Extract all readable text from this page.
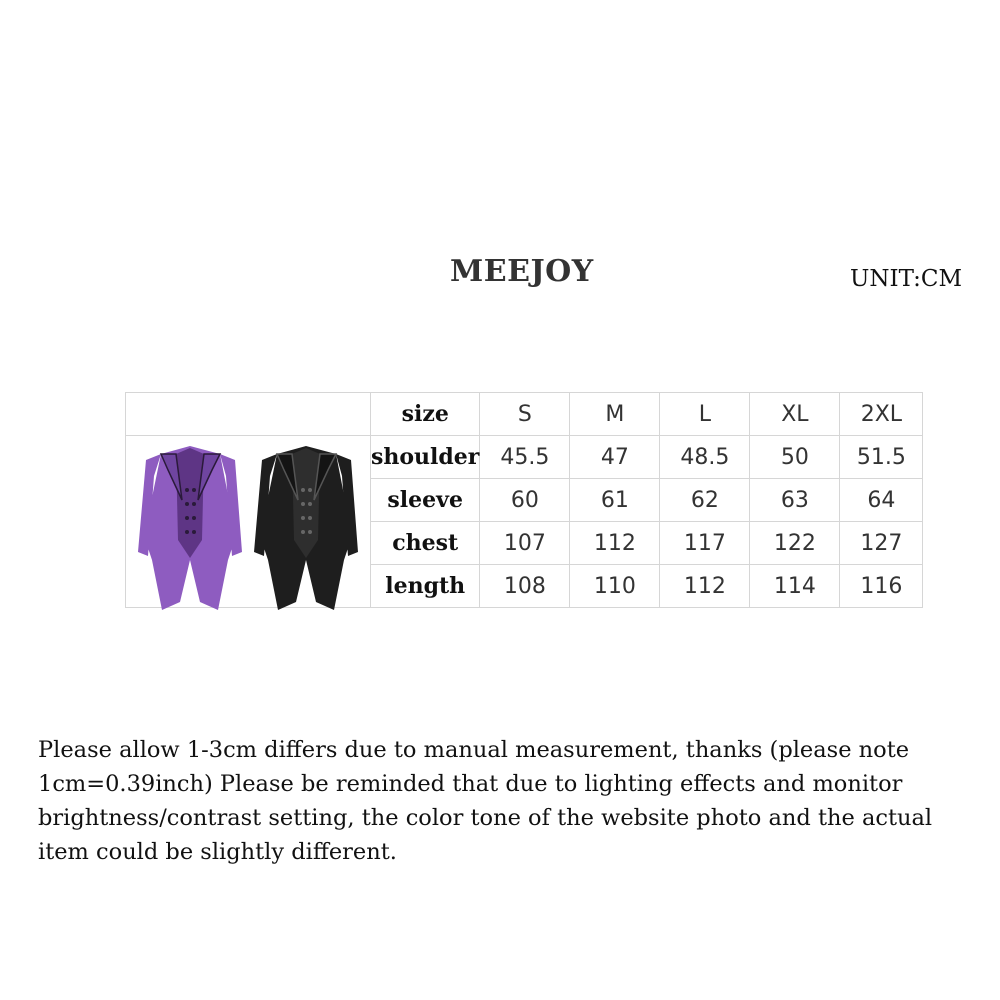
MEEJOY	UNIT:CM
	size	S	M	L	XL	2XL
	shoulder	45.5	47	48.5	50	51.5
	sleeve	60	61	62	63	64
	chest	107	112	117	122	127
	length	108	110	112	114	116

Please allow 1-3cm differs due to manual measurement, thanks (please note 1cm=0.39inch) Please be reminded that due to lighting effects and monitor brightness/contrast setting, the color tone of the website photo and the actual item could be slightly different.
